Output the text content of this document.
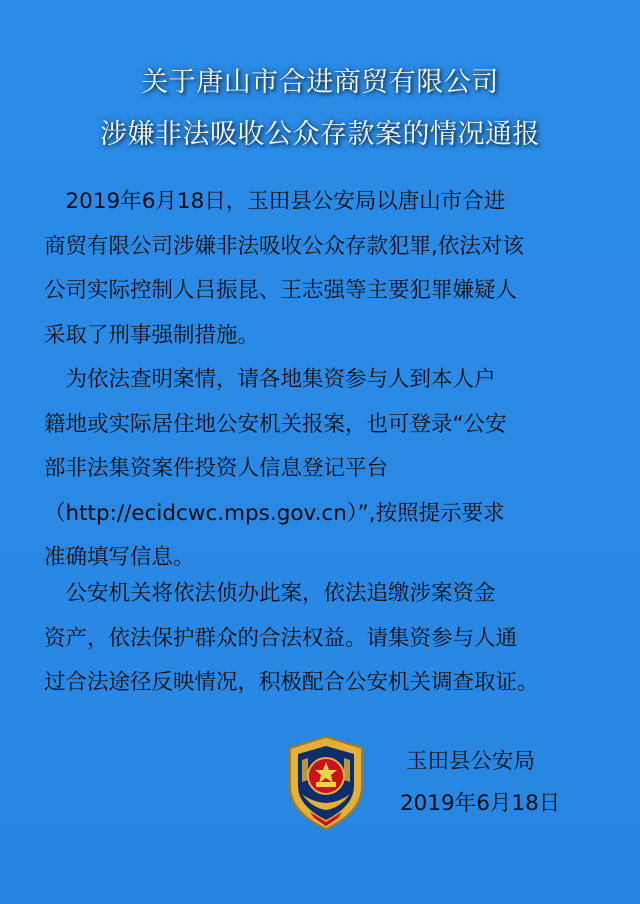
关于唐山市合进商贸有限公司
涉嫌非法吸收公众存款案的情况通报
　2019年6月18日，玉田县公安局以唐山市合进
商贸有限公司涉嫌非法吸收公众存款犯罪,依法对该
公司实际控制人吕振昆、王志强等主要犯罪嫌疑人
采取了刑事强制措施。
　为依法查明案情，请各地集资参与人到本人户
籍地或实际居住地公安机关报案，也可登录“公安
部非法集资案件投资人信息登记平台
（http://ecidcwc.mps.gov.cn）”,按照提示要求
准确填写信息。
　公安机关将依法侦办此案，依法追缴涉案资金
资产，依法保护群众的合法权益。请集资参与人通
过合法途径反映情况，积极配合公安机关调查取证。
玉田县公安局
2019年6月18日
